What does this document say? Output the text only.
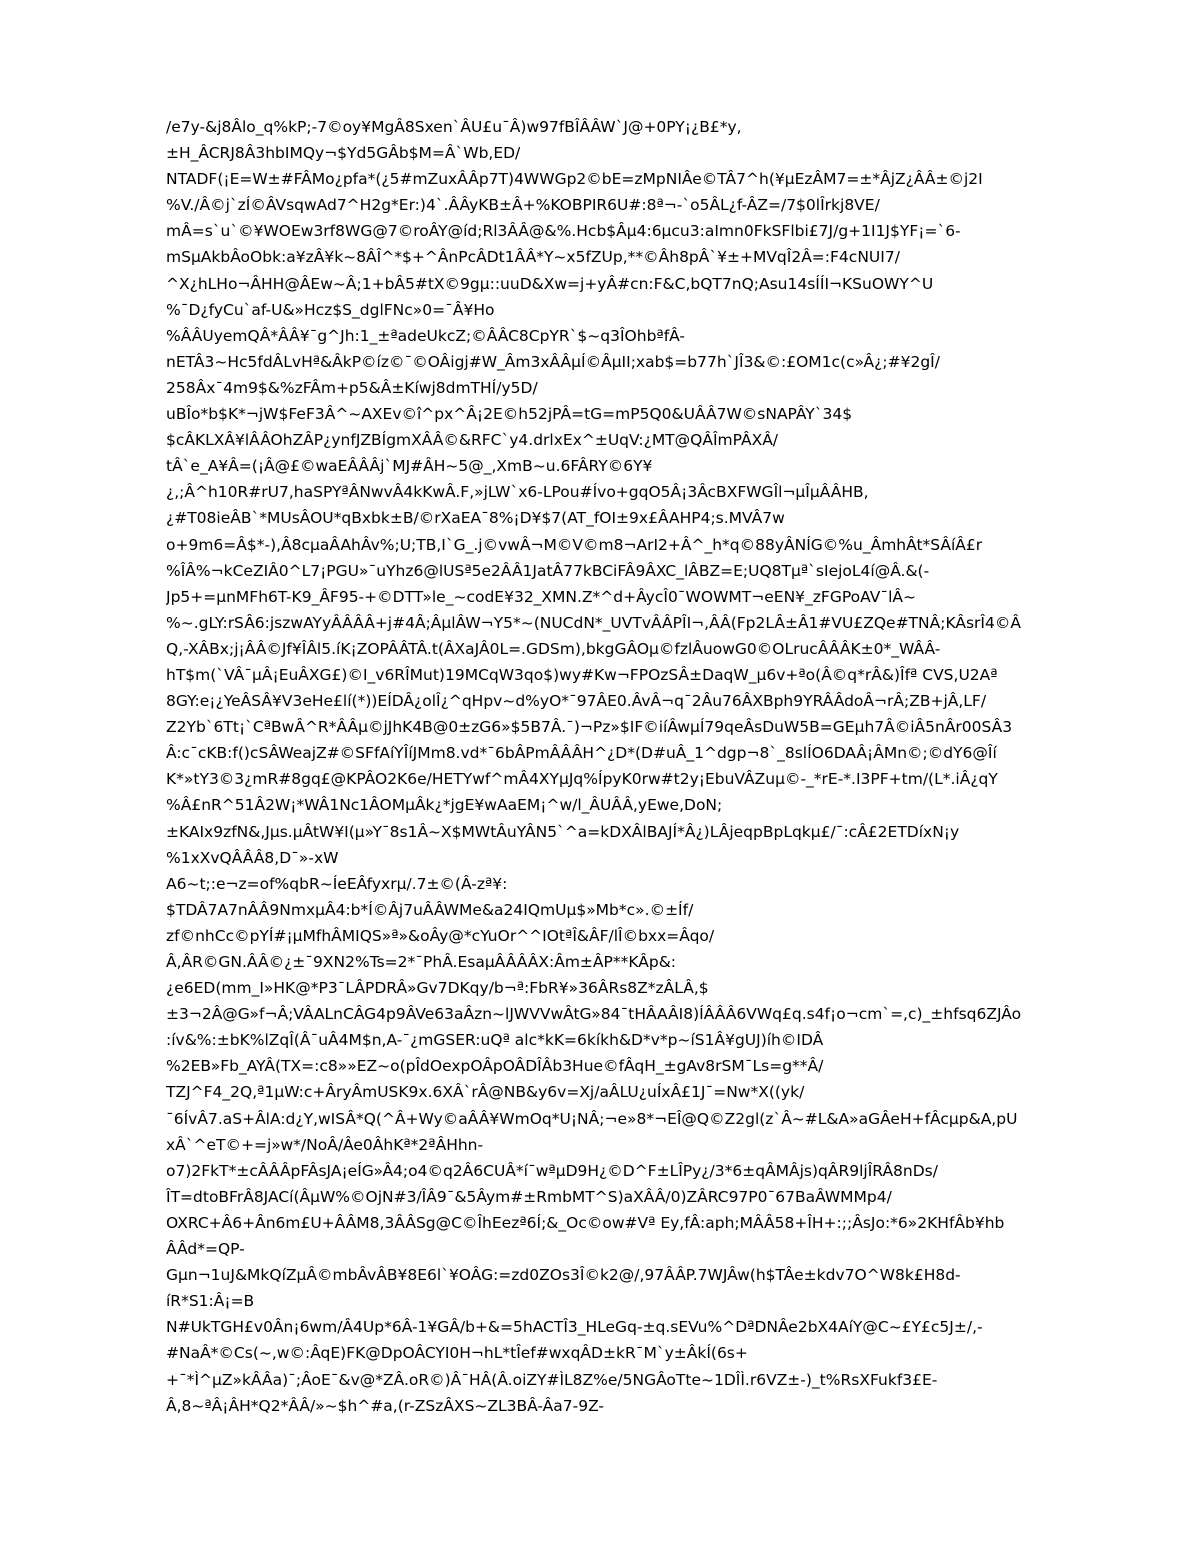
/e7y-&j8Âlo_q%kP;-7©oy¥MgÂ8Sxen`ÂU£u¯Â)w97fBÎÂÂW`J@+0PY¡¿B£*y,
±H_ÂCRJ8Â3hbIMQy¬$Yd5GÂb$M=Â`Wb,ED/
NTADF(¡E=W±#FÂMo¿pfa*(¿5#mZuxÂÂp7T)4WWGp2©bE=zMpNIÂe©TÂ7^h(¥µEzÂM7=±*ÂjZ¿ÂÂ±©j2I
%V./Â©j`zÍ©ÂVsqwAd7^H2g*Er:)4`.ÂÂyKB±Â+%KOBPIR6U#:8ª¬-`o5ÂL¿f-ÂZ=/7$0lÎrkj8VE/
mÂ=s`u`©¥WOEw3rf8WG@7©roÂY@íd;Rl3ÂÂ@&%.Hcb$Âµ4:6µcu3:aImn0FkSFlbi£7J/g+1I1J$YF¡=`6-
mSµAkbÂoObk:a¥zÂ¥k~8ÂÎ^*$+^ÂnPcÂDt1ÂÂ*Y~x5fZUp,**©Âh8pÂ`¥±+MVqÎ2Â=:F4cNUI7/
^X¿hLHo¬ÂHH@ÂEw~Â;1+bÂ5#tX©9gµ::uuD&Xw=j+yÂ#cn:F&C,bQT7nQ;Asu14sÍÍI¬KSuOWY^U
%¯D¿fyCu`af-U&»Hcz$S_dglFNc»0=¯Â¥Ho
%ÂÂUyemQÂ*ÂÂ¥¯g^Jh:1_±ªadeUkcZ;©ÂÂC8CpYR`$~q3ÎOhbªfÂ-
nETÂ3~Hc5fdÂLvHª&ÂkP©íz©¯©OÂigj#W_Âm3xÂÂµÍ©ÂµII;xab$=b77h`JÎ3&©:£OM1c(c»Â¿;#¥2gÎ/
258Âx¯4m9$&%zFÂm+p5&Â±Kíwj8dmTHÍ/y5D/
uBÎo*b$K*¬jW$FeF3Â^~AXEv©î^px^Â¡2E©h52jPÂ=tG=mP5Q0&UÂÂ7W©sNAPÂY`34$
$cÂKLXÂ¥lÂÂOhZÂP¿ynfJZBÍgmXÂÂ©&RFC`y4.drlxEx^±UqV:¿MT@QÂÎmPÂXÂ/
tÂ`e_A¥Â=(¡Â@£©waEÂÂÂj`MJ#ÂH~5@_,XmB~u.6FÂRY©6Y¥
¿,;Â^h10R#rU7,haSPYªÂNwvÂ4kKwÂ.F,»jLW`x6-LPou#Ívo+gqO5Â¡3ÂcBXFWGÎl¬µÎµÂÂHB,
¿#T08ieÂB`*MUsÂOU*qBxbk±B/©rXaEA¯8%¡D¥$7(AT_fOI±9x£ÂAHP4;s.MVÂ7w
o+9m6=Â$*-),Â8cµaÂAhÂv%;U;TB,I`G_.j©vwÂ¬M©V©m8¬ArI2+Â^_h*q©88yÂNÍG©%u_ÂmhÂt*SÂíÂ£r
%ÎÂ%¬kCeZIÂ0^L7¡PGU»¯uYhz6@lUSª5e2ÂÂ1JatÂ77kBCiFÂ9ÂXC_lÂBZ=E;UQ8TµªˋsIejoL4í@Â.&(-
Jp5+=µnMFh6T-K9_ÂF95-+©DTT»le_~codE¥32_XMN.Z*^d+ÂycÎ0¯WOWMT¬eEN¥_zFGPoAV¯lÂ~
%~.gLY:rSÂ6:jszwAYyÂÂÂÂ+j#4Â;ÂµlÂW¬Y5*~(NUCdN*_UVTvÂÂPÎI¬,ÂÂ(Fp2LÂ±Â1#VU£ZQe#TNÂ;KÂsrÎ4©Â
Q,-XÂBx;j¡ÂÂ©Jf¥ÎÂl5.íK¡ZOPÂÂTÂ.t(ÂXaJÂ0L=.GDSm),bkgGÂOµ©fzlÂuowG0©OLrucÂÂÂK±0*_WÂÂ-
hT$m(`VÂ¯µÂ¡EuÂXG£)©I_v6RÎMut)19MCqW3qo$)wy#Kw¬FPOzSÂ±DaqW_µ6v+ªo(Â©q*rÂ&)Îfª CVS,U2Aª
8GY:e¡¿YeÂSÂ¥V3eHe£lí(*))EÍDÂ¿olÎ¿^qHpv~d%yO*¯97ÂE0.ÂvÂ¬q¯2Âu76ÂXBph9YRÂÂdoÂ¬rÂ;ZB+jÂ,LF/
Z2Yb`6Tt¡`CªBwÂ^R*ÂÂµ©jJhK4B@0±zG6»$5B7Â.¯)¬Pz»$IF©iíÂwµÍ79qeÂsDuW5B=GEµh7Â©iÂ5nÂr00SÂ3
Â:c¯cKB:f()cSÂWeajZ#©SFfAíYÎíJMm8.vd*¯6bÂPmÂÂÂH^¿D*(D#uÂ_1^dgp¬8`_8slÍO6DAÂ¡ÂMn©;©dY6@Îí
K*»tY3©3¿mR#8gq£@KPÂO2K6e/HETYwf^mÂ4XYµJq%ÍpyK0rw#t2y¡EbuVÂZuµ©-_*rE-*.I3PF+tm/(L*.iÂ¿qY
%Â£nR^51Â2W¡*WÂ1Nc1ÂOMµÂk¿*jgE¥wAaEM¡^w/l_ÂUÂÂ,yEwe,DoN;
±KAIx9zfN&,Jµs.µÂtW¥I(µ»Y¯8s1Â~X$MWtÂuYÂN5`^a=kDXÂlBAJÍ*Â¿)LÂjeqpBpLqkµ£/¯:cÂ£2ETDíxN¡y
%1xXvQÂÂÂ8,D¯»-xW
A6~t;:e¬z=of%qbR~ÍeEÂfyxrµ/.7±©(Â-zª¥:
$TDÂ7A7nÂÂ9NmxµÂ4:b*Í©Âj7uÂÂWMe&a24IQmUµ$»Mb*c».©±Íf/
zf©nhCc©pYÍ#¡µMfhÂMIQS»ª»&oÂy@*cYuOr^^IOtªÎ&ÂF/lÎ©bxx=Âqo/
Â,ÂR©GN.ÂÂ©¿±¯9XN2%Ts=2*¯PhÂ.EsaµÂÂÂÂX:Âm±ÂP**KÂp&:
¿e6ED(mm_I»HK@*P3¯LÂPDRÂ»Gv7DKqy/b¬ª:FbR¥»36ÂRs8Z*zÂLÂ,$
±3¬2Â@G»f¬Â;VÂALnCÂG4p9ÂVe63aÂzn~lJWVVwÂtG»84¯tHÂAÂI8)ÍÂÂÂ6VWq£q.s4f¡o¬cm`=,c)_±hfsq6ZJÂo
:ív&%:±bK%lZqÎ(Â¯uÂ4M$n,A-¯¿mGSER:uQª alc*kK=6kíkh&D*v*p~íS1Â¥gUJ)íh©IDÂ
%2EB»Fb_AYÂ(TX=:c8»»EZ~o(pÎdOexpOÂpOÂDÎÂb3Hue©fÂqH_±gAv8rSM¯Ls=g**Â/
TZJ^F4_2Q,ª1µW:c+ÂryÂmUSK9x.6XÂ`rÂ@NB&y6v=Xj/aÂLU¿uÍxÂ£1J¯=Nw*X((yk/
¯6ÍvÂ7.aS+ÂlA:d¿Y,wISÂ*Q(^Â+Wy©aÂÂ¥WmOq*U¡NÂ;¬e»8*¬EÎ@Q©Z2gl(z`Â~#L&A»aGÂeH+fÂcµp&A,pU
xÂ`^eT©+=j»w*/NoÂ/Âe0ÂhKª*2ªÂHhn-
o7)2FkT*±cÂÂÂpFÂsJA¡eÍG»Â4;o4©q2Â6CUÂ*í¯wªµD9H¿©D^F±LÎPy¿/3*6±qÂMÂjs)qÂR9ljÎRÂ8nDs/
ÎT=dtoBFrÂ8JACí(ÂµW%©OjN#3/ÎÂ9¯&5Âym#±RmbMT^S)aXÂÂ/0)ZÂRC97P0¯67BaÂWMMp4/
OXRC+Â6+Ân6m£U+ÂÂM8,3ÂÂSg@C©ÎhEezª6Í;&_Oc©ow#Vª Ey,fÂ:aph;MÂÂ58+ÎH+:;;ÂsJo:*6»2KHfÂb¥hb
ÂÂd*=QP-
Gµn¬1uJ&MkQíZµÂ©mbÂvÂB¥8E6l`¥OÂG:=zd0ZOs3Î©k2@/,97ÂÂP.7WJÂw(h$TÂe±kdv7O^W8k£H8d-
íR*S1:Â¡=B
N#UkTGH£v0Ân¡6wm/Â4Up*6Â-1¥GÂ/b+&=5hACTÎ3_HLeGq-±q.sEVu%^DªDNÂe2bX4AíY@C~£Y£c5J±/,-
#NaÂ*©Cs(~,w©:ÂqE)FK@DpOÂCYI0H¬hL*tÎef#wxqÂD±kR¯M`y±ÂkÍ(6s+
+¯*Ì^µZ»kÂÂa)¯;ÂoE¯&v@*ZÂ.oR©)Â¯HÂ(Â.oiZY#ÌL8Z%e/5NGÂoTte~1DÎÌ.r6VZ±-)_t%RsXFukf3£E-
Â,8~ªÂ¡ÂH*Q2*ÂÂ/»~$h^#a,(r-ZSzÂXS~ZL3BÂ-Âa7-9Z-
